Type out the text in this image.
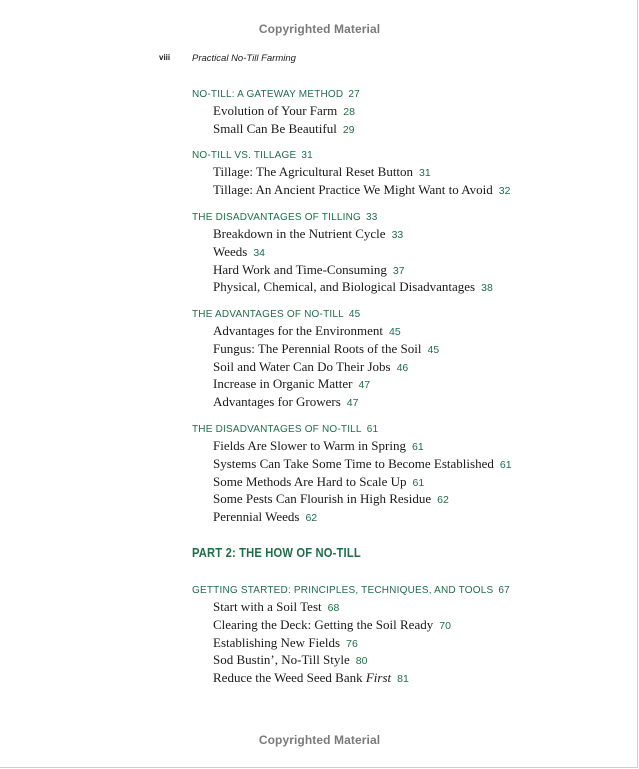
Copyrighted Material
viii Practical No-Till Farming
NO-TILL: A GATEWAY METHOD 27
Evolution of Your Farm 28
Small Can Be Beautiful 29
NO-TILL VS. TILLAGE 31
Tillage: The Agricultural Reset Button 31
Tillage: An Ancient Practice We Might Want to Avoid 32
THE DISADVANTAGES OF TILLING 33
Breakdown in the Nutrient Cycle 33
Weeds 34
Hard Work and Time-Consuming 37
Physical, Chemical, and Biological Disadvantages 38
THE ADVANTAGES OF NO-TILL 45
Advantages for the Environment 45
Fungus: The Perennial Roots of the Soil 45
Soil and Water Can Do Their Jobs 46
Increase in Organic Matter 47
Advantages for Growers 47
THE DISADVANTAGES OF NO-TILL 61
Fields Are Slower to Warm in Spring 61
Systems Can Take Some Time to Become Established 61
Some Methods Are Hard to Scale Up 61
Some Pests Can Flourish in High Residue 62
Perennial Weeds 62
PART 2: THE HOW OF NO-TILL
GETTING STARTED: PRINCIPLES, TECHNIQUES, AND TOOLS 67
Start with a Soil Test 68
Clearing the Deck: Getting the Soil Ready 70
Establishing New Fields 76
Sod Bustin’, No-Till Style 80
Reduce the Weed Seed Bank First 81
Copyrighted Material
